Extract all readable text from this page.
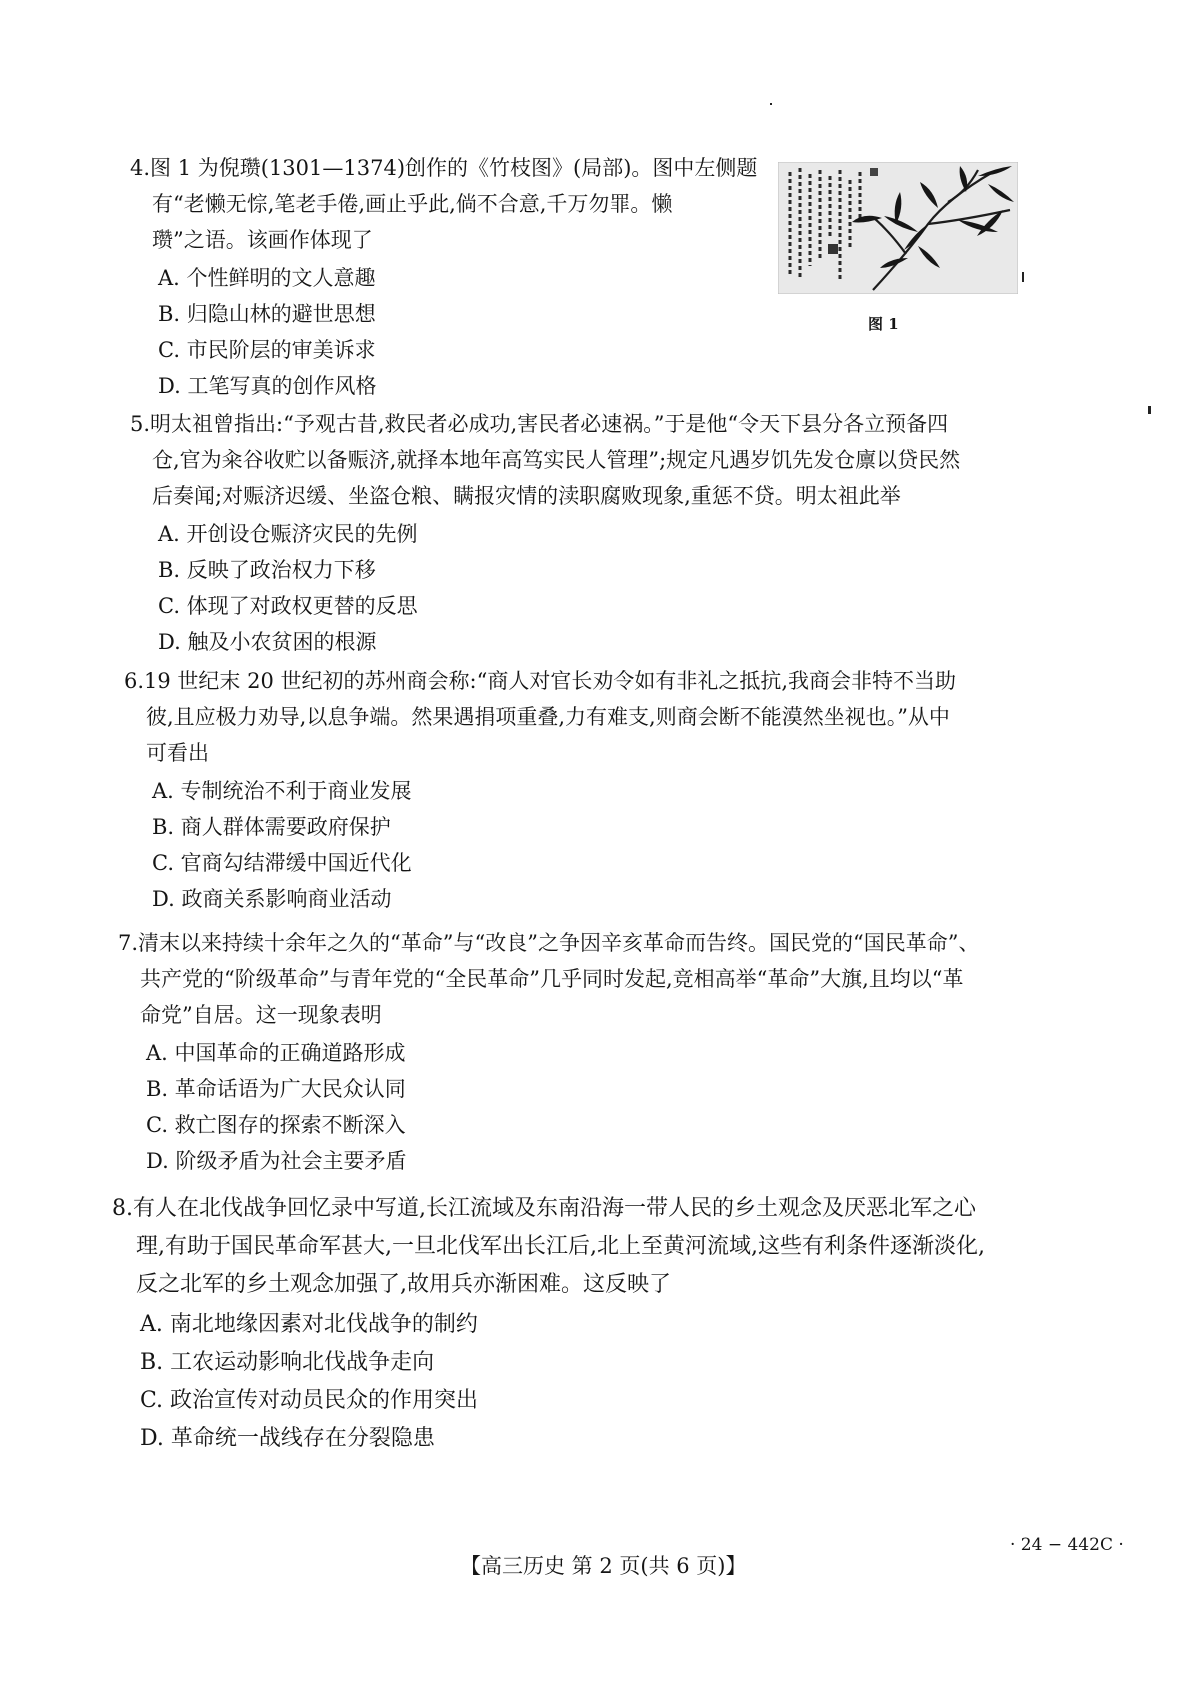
4.图 1 为倪瓒(1301—1374)创作的《竹枝图》(局部)。图中左侧题
有“老懒无悰,笔老手倦,画止乎此,倘不合意,千万勿罪。懒
瓒”之语。该画作体现了
A. 个性鲜明的文人意趣
B. 归隐山林的避世思想
C. 市民阶层的审美诉求
D. 工笔写真的创作风格
图 1
5.明太祖曾指出:“予观古昔,救民者必成功,害民者必速祸。”于是他“令天下县分各立预备四
仓,官为籴谷收贮以备赈济,就择本地年高笃实民人管理”;规定凡遇岁饥先发仓廪以贷民然
后奏闻;对赈济迟缓、坐盗仓粮、瞒报灾情的渎职腐败现象,重惩不贷。明太祖此举
A. 开创设仓赈济灾民的先例
B. 反映了政治权力下移
C. 体现了对政权更替的反思
D. 触及小农贫困的根源
6.19 世纪末 20 世纪初的苏州商会称:“商人对官长劝令如有非礼之抵抗,我商会非特不当助
彼,且应极力劝导,以息争端。然果遇捐项重叠,力有难支,则商会断不能漠然坐视也。”从中
可看出
A. 专制统治不利于商业发展
B. 商人群体需要政府保护
C. 官商勾结滞缓中国近代化
D. 政商关系影响商业活动
7.清末以来持续十余年之久的“革命”与“改良”之争因辛亥革命而告终。国民党的“国民革命”、
共产党的“阶级革命”与青年党的“全民革命”几乎同时发起,竞相高举“革命”大旗,且均以“革
命党”自居。这一现象表明
A. 中国革命的正确道路形成
B. 革命话语为广大民众认同
C. 救亡图存的探索不断深入
D. 阶级矛盾为社会主要矛盾
8.有人在北伐战争回忆录中写道,长江流域及东南沿海一带人民的乡土观念及厌恶北军之心
理,有助于国民革命军甚大,一旦北伐军出长江后,北上至黄河流域,这些有利条件逐渐淡化,
反之北军的乡土观念加强了,故用兵亦渐困难。这反映了
A. 南北地缘因素对北伐战争的制约
B. 工农运动影响北伐战争走向
C. 政治宣传对动员民众的作用突出
D. 革命统一战线存在分裂隐患
【高三历史 第 2 页(共 6 页)】
· 24 − 442C ·
